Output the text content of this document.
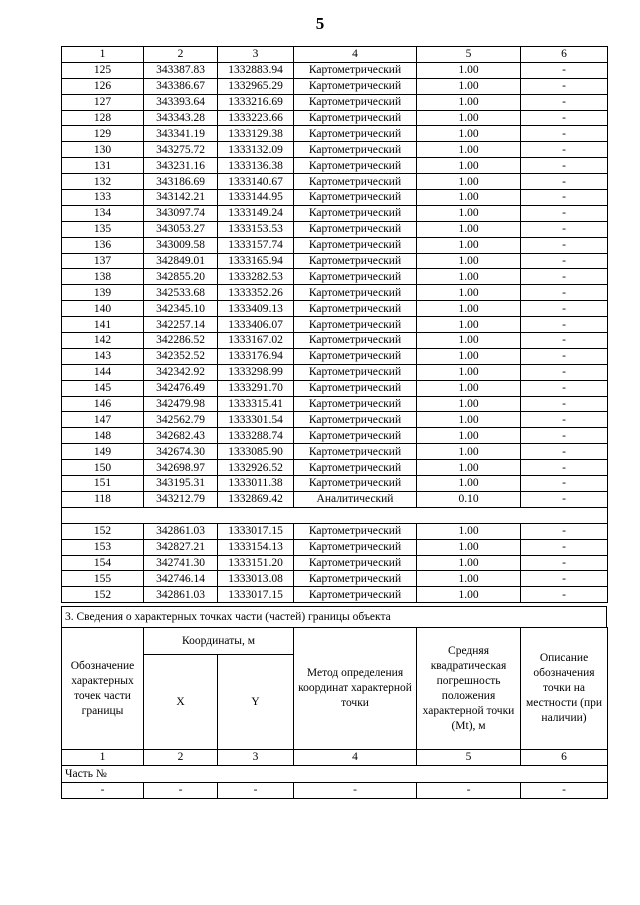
5
1	2	3	4	5	6
125	343387.83	1332883.94	Картометрический	1.00	-
126	343386.67	1332965.29	Картометрический	1.00	-
127	343393.64	1333216.69	Картометрический	1.00	-
128	343343.28	1333223.66	Картометрический	1.00	-
129	343341.19	1333129.38	Картометрический	1.00	-
130	343275.72	1333132.09	Картометрический	1.00	-
131	343231.16	1333136.38	Картометрический	1.00	-
132	343186.69	1333140.67	Картометрический	1.00	-
133	343142.21	1333144.95	Картометрический	1.00	-
134	343097.74	1333149.24	Картометрический	1.00	-
135	343053.27	1333153.53	Картометрический	1.00	-
136	343009.58	1333157.74	Картометрический	1.00	-
137	342849.01	1333165.94	Картометрический	1.00	-
138	342855.20	1333282.53	Картометрический	1.00	-
139	342533.68	1333352.26	Картометрический	1.00	-
140	342345.10	1333409.13	Картометрический	1.00	-
141	342257.14	1333406.07	Картометрический	1.00	-
142	342286.52	1333167.02	Картометрический	1.00	-
143	342352.52	1333176.94	Картометрический	1.00	-
144	342342.92	1333298.99	Картометрический	1.00	-
145	342476.49	1333291.70	Картометрический	1.00	-
146	342479.98	1333315.41	Картометрический	1.00	-
147	342562.79	1333301.54	Картометрический	1.00	-
148	342682.43	1333288.74	Картометрический	1.00	-
149	342674.30	1333085.90	Картометрический	1.00	-
150	342698.97	1332926.52	Картометрический	1.00	-
151	343195.31	1333011.38	Картометрический	1.00	-
118	343212.79	1332869.42	Аналитический	0.10	-

152	342861.03	1333017.15	Картометрический	1.00	-
153	342827.21	1333154.13	Картометрический	1.00	-
154	342741.30	1333151.20	Картометрический	1.00	-
155	342746.14	1333013.08	Картометрический	1.00	-
152	342861.03	1333017.15	Картометрический	1.00	-
3. Сведения о характерных точках части (частей) границы объекта
Обозначение характерных точек части границы	Координаты, м		Метод определения координат характерной точки	Средняя квадратическая погрешность положения характерной точки (Mt), м	Описание обозначения точки на местности (при наличии)
	X	Y			
1	2	3	4	5	6
Часть №					
-	-	-	-	-	-
